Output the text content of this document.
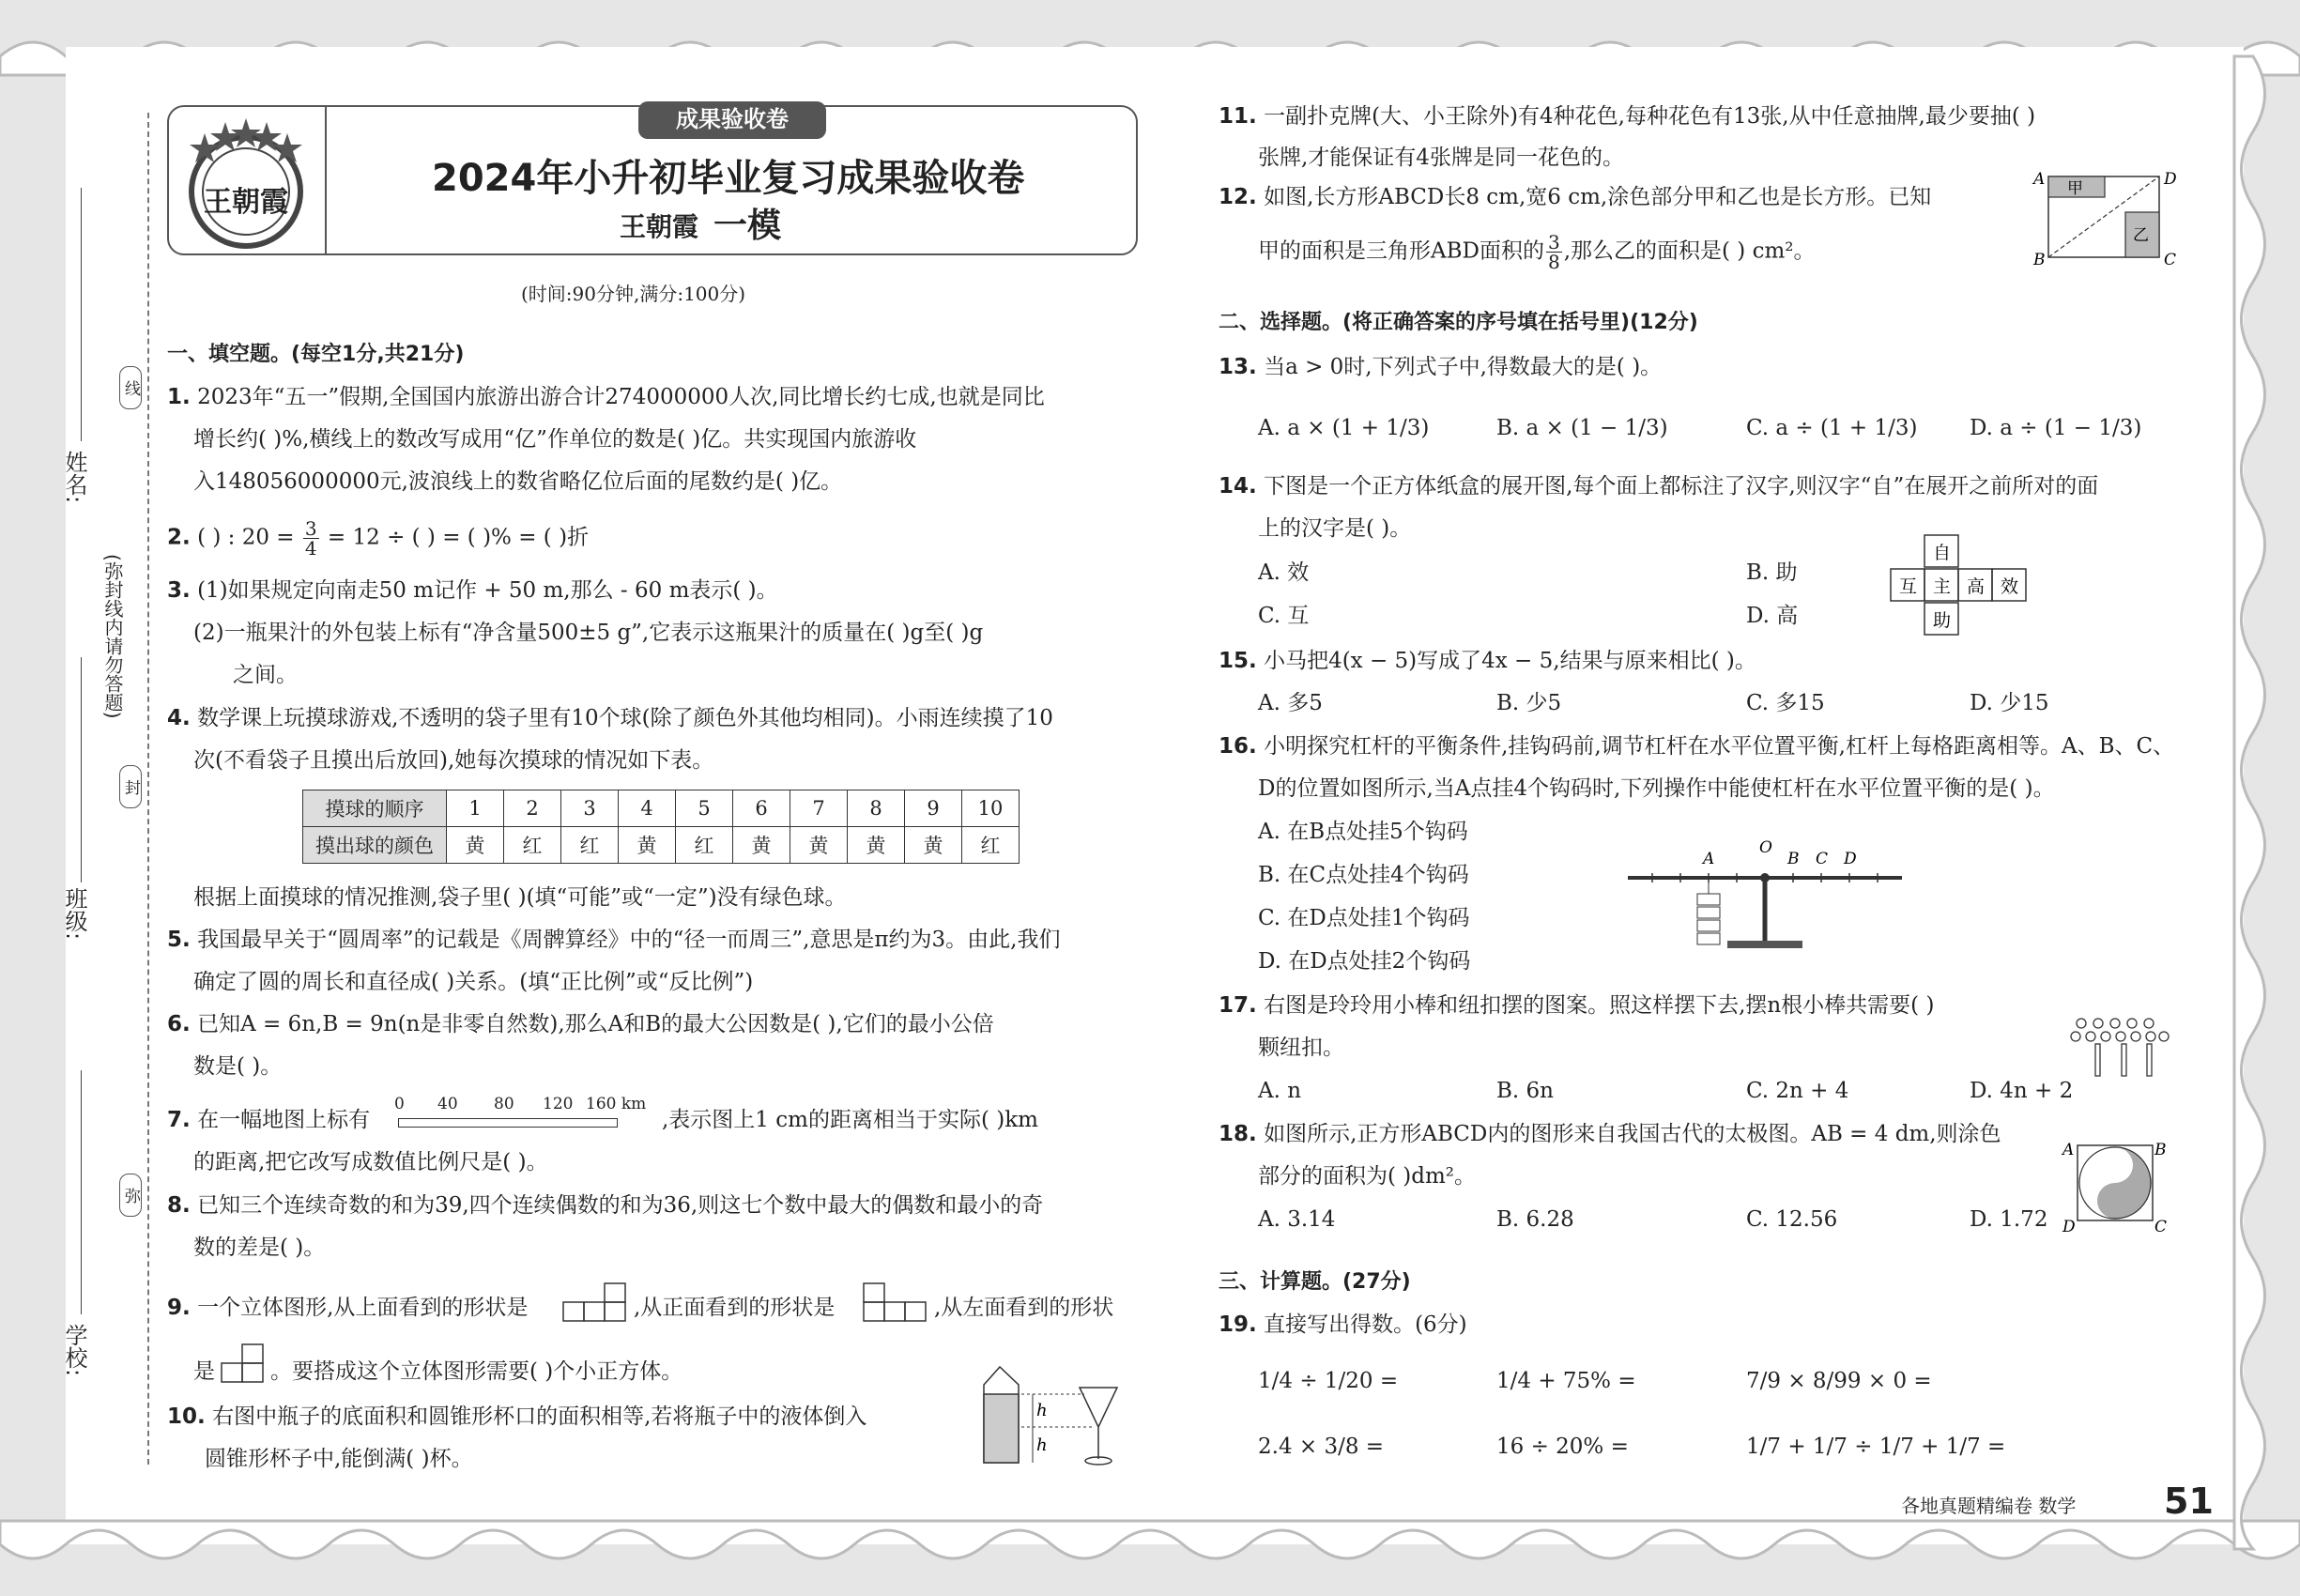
线
封
弥
(弥封线内请勿答题)
姓名:
班级:
学校:
王朝霞
成果验收卷
2024年小升初毕业复习成果验收卷
王朝霞 一模
(时间:90分钟,满分:100分)
一、填空题。(每空1分,共21分)
1. 2023年“五一”假期,全国国内旅游出游合计274000000人次,同比增长约七成,也就是同比
增长约( )%,横线上的数改写成用“亿”作单位的数是( )亿。共实现国内旅游收
入148056000000元,波浪线上的数省略亿位后面的尾数约是( )亿。
2. ( ) : $20 = \frac{3}{4} = 12$ ÷ ( ) = ( )% = ( )折
3. (1)如果规定向南走50 m记作 + 50 m,那么 - 60 m表示( )。
(2)一瓶果汁的外包装上标有“净含量500±5 g”,它表示这瓶果汁的质量在( )g至( )g
之间。
4. 数学课上玩摸球游戏,不透明的袋子里有10个球(除了颜色外其他均相同)。小雨连续摸了10
次(不看袋子且摸出后放回),她每次摸球的情况如下表。
摸球的顺序	1	2	3	4	5	6	7	8	9	10
摸出球的颜色	黄	红	红	黄	红	黄	黄	黄	黄	红
根据上面摸球的情况推测,袋子里( )(填“可能”或“一定”)没有绿色球。
5. 我国最早关于“圆周率”的记载是《周髀算经》中的“径一而周三”,意思是π约为3。由此,我们
确定了圆的周长和直径成( )关系。(填“正比例”或“反比例”)
6. 已知A = 6n,B = 9n(n是非零自然数),那么A和B的最大公因数是( ),它们的最小公倍
数是( )。
7. 在一幅地图上标有
0 40 80 120 160 km
,表示图上1 cm的距离相当于实际( )km
的距离,把它改写成数值比例尺是( )。
8. 已知三个连续奇数的和为39,四个连续偶数的和为36,则这七个数中最大的偶数和最小的奇
数的差是( )。
9. 一个立体图形,从上面看到的形状是	,从正面看到的形状是	,从左面看到的形状
是	。要搭成这个立体图形需要( )个小正方体。
10. 右图中瓶子的底面积和圆锥形杯口的面积相等,若将瓶子中的液体倒入
圆锥形杯子中,能倒满( )杯。
h
h
11. 一副扑克牌(大、小王除外)有4种花色,每种花色有13张,从中任意抽牌,最少要抽( )
张牌,才能保证有4张牌是同一花色的。
12. 如图,长方形ABCD长8 cm,宽6 cm,涂色部分甲和乙也是长方形。已知
甲的面积是三角形ABD面积的 $\frac{3}{8}$ ,那么乙的面积是( ) cm²。
A	D
B	C
甲
乙
二、选择题。(将正确答案的序号填在括号里)(12分)
13. 当a > 0时,下列式子中,得数最大的是( )。
A. a × (1 + 1/3)	B. a × (1 − 1/3)	C. a ÷ (1 + 1/3) D. a ÷ (1 − 1/3)
14. 下图是一个正方体纸盒的展开图,每个面上都标注了汉字,则汉字“自”在展开之前所对的面
上的汉字是( )。
A. 效	B. 助
C. 互	D. 高
自
互 主 高 效
助
15. 小马把4(x − 5)写成了4x − 5,结果与原来相比( )。
A. 多5	B. 少5	C. 多15	D. 少15
16. 小明探究杠杆的平衡条件,挂钩码前,调节杠杆在水平位置平衡,杠杆上每格距离相等。A、B、C、
D的位置如图所示,当A点挂4个钩码时,下列操作中能使杠杆在水平位置平衡的是( )。
A. 在B点处挂5个钩码
B. 在C点处挂4个钩码
C. 在D点处挂1个钩码
D. 在D点处挂2个钩码
A
O
B C D
17. 右图是玲玲用小棒和纽扣摆的图案。照这样摆下去,摆n根小棒共需要( )
颗纽扣。
A. n	B. 6n	C. 2n + 4	D. 4n + 2
18. 如图所示,正方形ABCD内的图形来自我国古代的太极图。AB = 4 dm,则涂色
部分的面积为( )dm²。
A. 3.14	B. 6.28	C. 12.56	D. 1.72
A	B
C
D
三、计算题。(27分)
19. 直接写出得数。(6分)
1/4 ÷ 1/20 =	1/4 + 75% =	7/9 × 8/99 × 0 =
2.4 × 3/8 =	16 ÷ 20% =	1/7 + 1/7 ÷ 1/7 + 1/7 =
各地真题精编卷 数学 51
